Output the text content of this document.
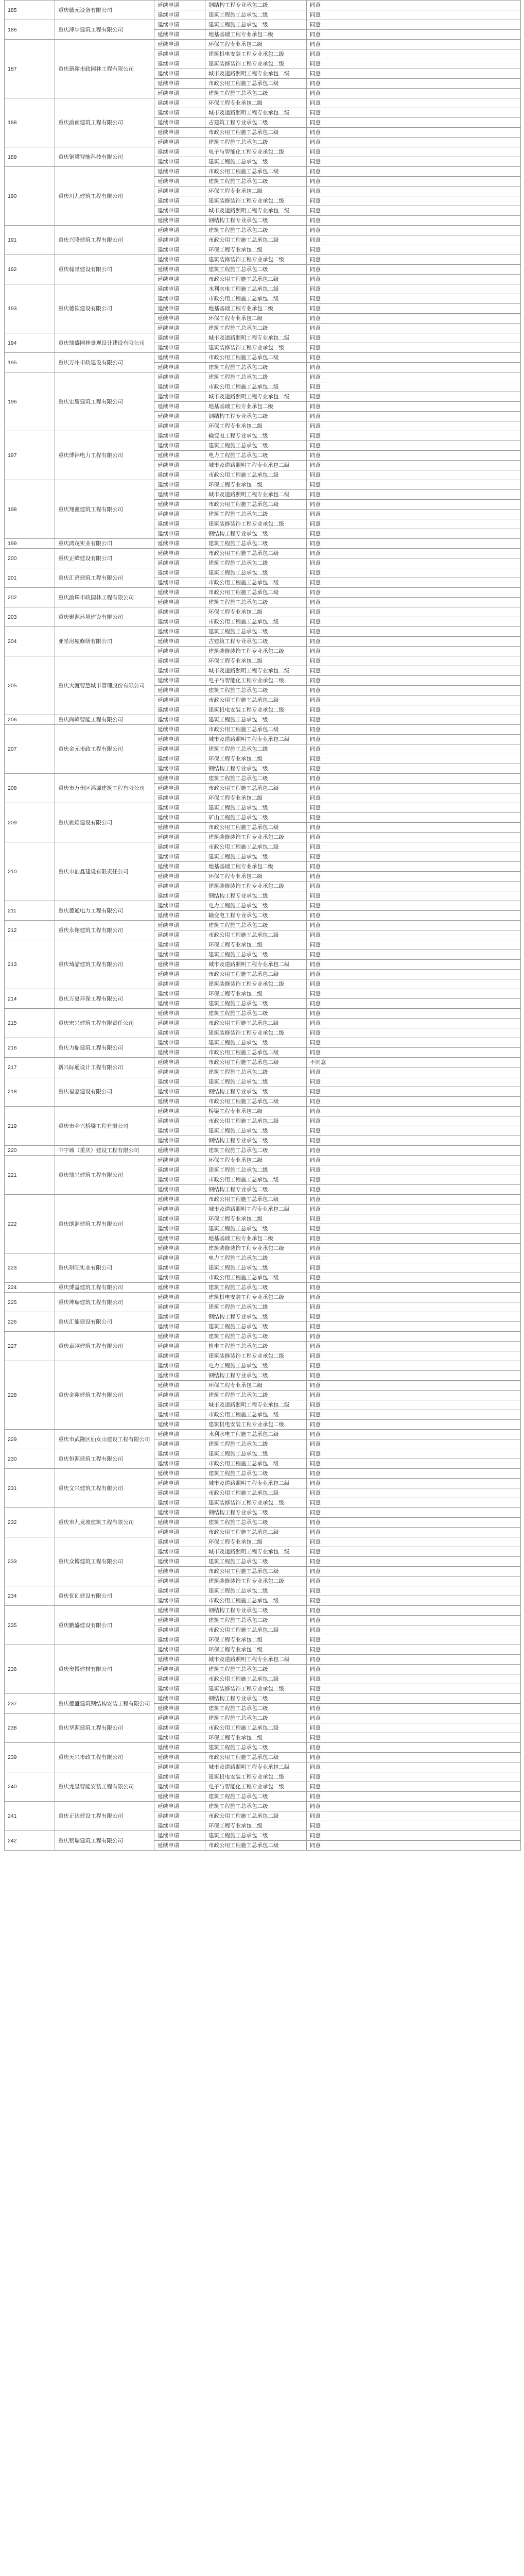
185	重庆赣元设备有限公司	延续申请	钢结构工程专业承包二级	同意
		延续申请	建筑工程施工总承包二级	同意
186	重庆溥尔建筑工程有限公司	延续申请	建筑工程施工总承包二级	同意
		延续申请	地基基础工程专业承包二级	同意
187	重庆新翔市政园林工程有限公司	延续申请	环保工程专业承包二级	同意
		延续申请	建筑机电安装工程专业承包二级	同意
		延续申请	建筑装修装饰工程专业承包二级	同意
		延续申请	城市及道路照明工程专业承包二级	同意
		延续申请	市政公用工程施工总承包二级	同意
		延续申请	建筑工程施工总承包二级	同意
188	重庆渝南建筑工程有限公司	延续申请	环保工程专业承包二级	同意
		延续申请	城市及道路照明工程专业承包二级	同意
		延续申请	古建筑工程专业承包二级	同意
		延续申请	市政公用工程施工总承包二级	同意
		延续申请	建筑工程施工总承包二级	同意
189	重庆铜梁智能科技有限公司	延续申请	电子与智能化工程专业承包二级	同意
		延续申请	建筑工程施工总承包二级	同意
190	重庆川九建筑工程有限公司	延续申请	市政公用工程施工总承包二级	同意
		延续申请	建筑工程施工总承包二级	同意
		延续申请	环保工程专业承包二级	同意
		延续申请	建筑装修装饰工程专业承包二级	同意
		延续申请	城市及道路照明工程专业承包二级	同意
		延续申请	钢结构工程专业承包二级	同意
191	重庆兴隆建筑工程有限公司	延续申请	建筑工程施工总承包二级	同意
		延续申请	市政公用工程施工总承包二级	同意
		延续申请	环保工程专业承包二级	同意
192	重庆翰星建设有限公司	延续申请	建筑装修装饰工程专业承包二级	同意
		延续申请	建筑工程施工总承包二级	同意
		延续申请	市政公用工程施工总承包二级	同意
193	重庆德钦建设有限公司	延续申请	水利水电工程施工总承包二级	同意
		延续申请	市政公用工程施工总承包二级	同意
		延续申请	地基基础工程专业承包二级	同意
		延续申请	环保工程专业承包二级	同意
		延续申请	建筑工程施工总承包二级	同意
194	重庆鼎盛园林景观设计建设有限公司	延续申请	城市及道路照明工程专业承包二级	同意
		延续申请	建筑装修装饰工程专业承包二级	同意
195	重庆万州市政建设有限公司	延续申请	市政公用工程施工总承包二级	同意
		延续申请	建筑工程施工总承包二级	同意
196	重庆宏鹰建筑工程有限公司	延续申请	建筑工程施工总承包二级	同意
		延续申请	市政公用工程施工总承包二级	同意
		延续申请	城市及道路照明工程专业承包二级	同意
		延续申请	地基基础工程专业承包二级	同意
		延续申请	钢结构工程专业承包二级	同意
		延续申请	环保工程专业承包二级	同意
197	重庆博锦电力工程有限公司	延续申请	输变电工程专业承包二级	同意
		延续申请	建筑工程施工总承包二级	同意
		延续申请	电力工程施工总承包二级	同意
		延续申请	城市及道路照明工程专业承包二级	同意
		延续申请	市政公用工程施工总承包二级	同意
198	重庆翔鑫建筑工程有限公司	延续申请	环保工程专业承包二级	同意
		延续申请	城市及道路照明工程专业承包二级	同意
		延续申请	市政公用工程施工总承包二级	同意
		延续申请	建筑工程施工总承包二级	同意
		延续申请	建筑装修装饰工程专业承包二级	同意
		延续申请	钢结构工程专业承包二级	同意
199	重庆鸿茂实业有限公司	延续申请	建筑工程施工总承包二级	同意
200	重庆正峰建设有限公司	延续申请	市政公用工程施工总承包二级	同意
		延续申请	建筑工程施工总承包二级	同意
201	重庆汇禹建筑工程有限公司	延续申请	建筑工程施工总承包二级	同意
		延续申请	市政公用工程施工总承包二级	同意
202	重庆渝琛市政园林工程有限公司	延续申请	市政公用工程施工总承包二级	同意
		延续申请	建筑工程施工总承包二级	同意
203	重庆聚源环境建设有限公司	延续申请	环保工程专业承包二级	同意
		延续申请	市政公用工程施工总承包二级	同意
204	亚星房屋修缮有限公司	延续申请	建筑工程施工总承包二级	同意
		延续申请	古建筑工程专业承包二级	同意
		延续申请	建筑装修装饰工程专业承包二级	同意
205	重庆大渡智慧城市管理股份有限公司	延续申请	环保工程专业承包二级	同意
		延续申请	城市及道路照明工程专业承包二级	同意
		延续申请	电子与智能化工程专业承包二级	同意
		延续申请	建筑工程施工总承包二级	同意
		延续申请	市政公用工程施工总承包二级	同意
		延续申请	建筑机电安装工程专业承包二级	同意
206	重庆尚峰智能工程有限公司	延续申请	建筑工程施工总承包二级	同意
207	重庆金元市政工程有限公司	延续申请	市政公用工程施工总承包二级	同意
		延续申请	城市及道路照明工程专业承包二级	同意
		延续申请	建筑工程施工总承包二级	同意
		延续申请	环保工程专业承包二级	同意
		延续申请	钢结构工程专业承包二级	同意
208	重庆市万州区鸿源建筑工程有限公司	延续申请	建筑工程施工总承包二级	同意
		延续申请	市政公用工程施工总承包二级	同意
		延续申请	环保工程专业承包二级	同意
209	重庆桃焰建设有限公司	延续申请	建筑工程施工总承包二级	同意
		延续申请	矿山工程施工总承包二级	同意
		延续申请	市政公用工程施工总承包二级	同意
		延续申请	建筑装修装饰工程专业承包二级	同意
210	重庆市汕鑫建设有限责任公司	延续申请	市政公用工程施工总承包二级	同意
		延续申请	建筑工程施工总承包二级	同意
		延续申请	地基基础工程专业承包二级	同意
		延续申请	环保工程专业承包二级	同意
		延续申请	建筑装修装饰工程专业承包二级	同意
		延续申请	钢结构工程专业承包二级	同意
211	重庆德通电力工程有限公司	延续申请	电力工程施工总承包二级	同意
		延续申请	输变电工程专业承包二级	同意
212	重庆永翔建筑工程有限公司	延续申请	建筑工程施工总承包二级	同意
		延续申请	市政公用工程施工总承包二级	同意
213	重庆琦喆建筑工程有限公司	延续申请	环保工程专业承包二级	同意
		延续申请	建筑工程施工总承包二级	同意
		延续申请	城市及道路照明工程专业承包二级	同意
		延续申请	市政公用工程施工总承包二级	同意
		延续申请	建筑装修装饰工程专业承包二级	同意
214	重庆万夏环保工程有限公司	延续申请	环保工程专业承包二级	同意
		延续申请	建筑工程施工总承包二级	同意
215	重庆宏兴建筑工程有限责任公司	延续申请	建筑工程施工总承包二级	同意
		延续申请	市政公用工程施工总承包二级	同意
		延续申请	建筑装修装饰工程专业承包二级	同意
216	重庆力鼎建筑工程有限公司	延续申请	建筑工程施工总承包二级	同意
		延续申请	市政公用工程施工总承包二级	同意
217	新兴际通设计工程有限公司	延续申请	市政公用工程施工总承包二级	不同意
		延续申请	建筑工程施工总承包二级	同意
218	重庆福嘉建设有限公司	延续申请	建筑工程施工总承包二级	同意
		延续申请	钢结构工程专业承包二级	同意
		延续申请	市政公用工程施工总承包二级	同意
219	重庆市金兴桥梁工程有限公司	延续申请	桥梁工程专业承包二级	同意
		延续申请	市政公用工程施工总承包二级	同意
		延续申请	建筑工程施工总承包二级	同意
		延续申请	钢结构工程专业承包二级	同意
220	中宇城（重庆）建设工程有限公司	延续申请	建筑工程施工总承包二级	同意
221	重庆鼎兴建筑工程有限公司	延续申请	环保工程专业承包二级	同意
		延续申请	建筑工程施工总承包二级	同意
		延续申请	市政公用工程施工总承包二级	同意
		延续申请	钢结构工程专业承包二级	同意
222	重庆朗润建筑工程有限公司	延续申请	市政公用工程施工总承包二级	同意
		延续申请	城市及道路照明工程专业承包二级	同意
		延续申请	环保工程专业承包二级	同意
		延续申请	建筑工程施工总承包二级	同意
		延续申请	地基基础工程专业承包二级	同意
		延续申请	建筑装修装饰工程专业承包二级	同意
223	重庆琪旺实业有限公司	延续申请	电力工程施工总承包二级	同意
		延续申请	建筑工程施工总承包二级	同意
		延续申请	市政公用工程施工总承包二级	同意
224	重庆博益建筑工程有限公司	延续申请	建筑工程施工总承包二级	同意
225	重庆坤瑞建筑工程有限公司	延续申请	建筑机电安装工程专业承包二级	同意
		延续申请	建筑工程施工总承包二级	同意
226	重庆汇能建设有限公司	延续申请	钢结构工程专业承包二级	同意
		延续申请	建筑工程施工总承包二级	同意
227	重庆卓越建筑工程有限公司	延续申请	建筑工程施工总承包二级	同意
		延续申请	机电工程施工总承包二级	同意
		延续申请	建筑装修装饰工程专业承包二级	同意
228	重庆金翔建筑工程有限公司	延续申请	电力工程施工总承包二级	同意
		延续申请	钢结构工程专业承包二级	同意
		延续申请	环保工程专业承包二级	同意
		延续申请	建筑工程施工总承包二级	同意
		延续申请	城市及道路照明工程专业承包二级	同意
		延续申请	市政公用工程施工总承包二级	同意
		延续申请	建筑机电安装工程专业承包二级	同意
229	重庆市武隆区仙女山建设工程有限公司	延续申请	水利水电工程施工总承包二级	同意
		延续申请	建筑工程施工总承包二级	同意
230	重庆恒源建筑工程有限公司	延续申请	建筑工程施工总承包二级	同意
		延续申请	市政公用工程施工总承包二级	同意
231	重庆文兴建筑工程有限公司	延续申请	建筑工程施工总承包二级	同意
		延续申请	城市及道路照明工程专业承包二级	同意
		延续申请	市政公用工程施工总承包二级	同意
		延续申请	建筑装修装饰工程专业承包二级	同意
232	重庆市九龙坡建筑工程有限公司	延续申请	钢结构工程专业承包二级	同意
		延续申请	建筑工程施工总承包二级	同意
		延续申请	市政公用工程施工总承包二级	同意
233	重庆众博建筑工程有限公司	延续申请	环保工程专业承包二级	同意
		延续申请	城市及道路照明工程专业承包二级	同意
		延续申请	建筑工程施工总承包二级	同意
		延续申请	市政公用工程施工总承包二级	同意
		延续申请	建筑装修装饰工程专业承包二级	同意
234	重庆优创建设有限公司	延续申请	建筑工程施工总承包二级	同意
		延续申请	市政公用工程施工总承包二级	同意
235	重庆鹏盛建设有限公司	延续申请	钢结构工程专业承包二级	同意
		延续申请	建筑工程施工总承包二级	同意
		延续申请	市政公用工程施工总承包二级	同意
		延续申请	环保工程专业承包二级	同意
236	重庆奥博建材有限公司	延续申请	环保工程专业承包二级	同意
		延续申请	城市及道路照明工程专业承包二级	同意
		延续申请	建筑工程施工总承包二级	同意
		延续申请	市政公用工程施工总承包二级	同意
		延续申请	建筑装修装饰工程专业承包二级	同意
237	重庆德盛建筑钢结构安装工程有限公司	延续申请	钢结构工程专业承包二级	同意
		延续申请	建筑工程施工总承包二级	同意
238	重庆华源建筑工程有限公司	延续申请	建筑工程施工总承包二级	同意
		延续申请	市政公用工程施工总承包二级	同意
		延续申请	环保工程专业承包二级	同意
239	重庆天兴市政工程有限公司	延续申请	建筑工程施工总承包二级	同意
		延续申请	市政公用工程施工总承包二级	同意
		延续申请	城市及道路照明工程专业承包二级	同意
240	重庆龙星智能安装工程有限公司	延续申请	建筑机电安装工程专业承包二级	同意
		延续申请	电子与智能化工程专业承包二级	同意
		延续申请	建筑工程施工总承包二级	同意
241	重庆正达建设工程有限公司	延续申请	建筑工程施工总承包二级	同意
		延续申请	市政公用工程施工总承包二级	同意
		延续申请	环保工程专业承包二级	同意
242	重庆铭瑞建筑工程有限公司	延续申请	建筑工程施工总承包二级	同意
		延续申请	市政公用工程施工总承包二级	同意
